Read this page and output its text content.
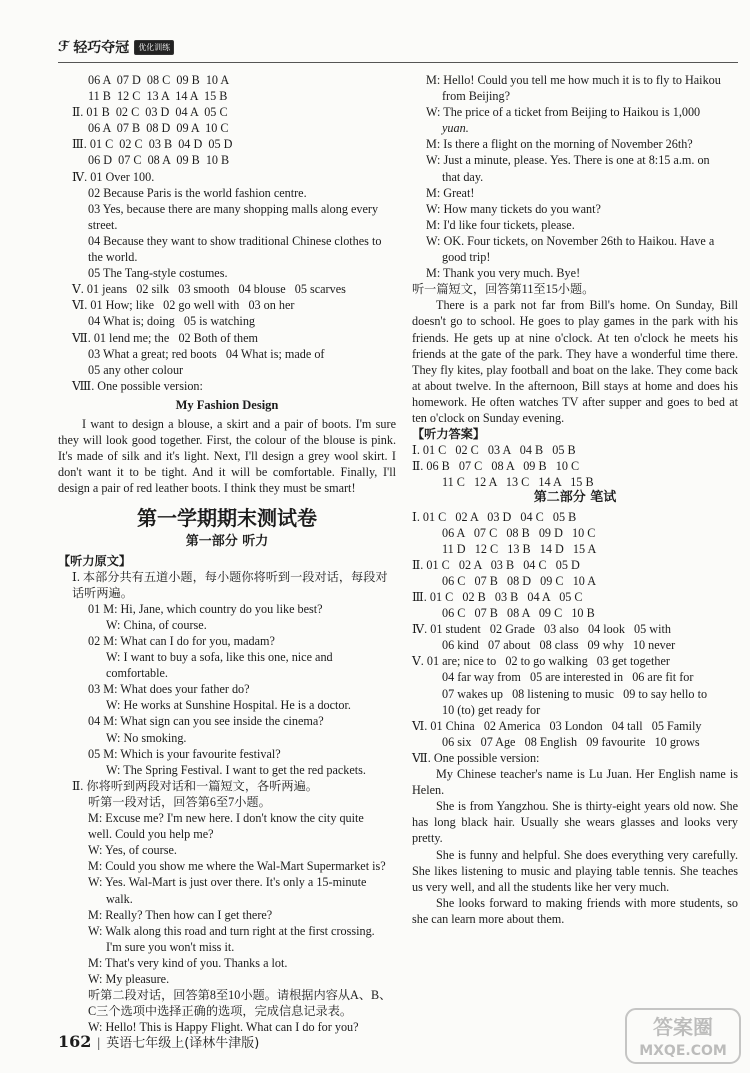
ℱ 轻巧夺冠	优化训练
06 A  07 D  08 C  09 B  10 A
11 B  12 C  13 A  14 A  15 B
Ⅱ. 01 B  02 C  03 D  04 A  05 C
06 A  07 B  08 D  09 A  10 C
Ⅲ. 01 C  02 C  03 B  04 D  05 D
06 D  07 C  08 A  09 B  10 B
Ⅳ. 01 Over 100.
02 Because Paris is the world fashion centre.
03 Yes, because there are many shopping malls along every
street.
04 Because they want to show traditional Chinese clothes to
the world.
05 The Tang-style costumes.
Ⅴ. 01 jeans   02 silk   03 smooth   04 blouse   05 scarves
Ⅵ. 01 How; like   02 go well with   03 on her
04 What is; doing   05 is watching
Ⅶ. 01 lend me; the   02 Both of them
03 What a great; red boots   04 What is; made of
05 any other colour
Ⅷ. One possible version:
My Fashion Design
I want to design a blouse, a skirt and a pair of boots. I'm sure they will look good together. First, the colour of the blouse is pink. It's made of silk and it's light. Next, I'll design a grey wool skirt. I don't want it to be tight. And it will be comfortable. Finally, I'll design a pair of red leather boots. I think they must be smart!
第一学期期末测试卷
第一部分 听力
【听力原文】
Ⅰ. 本部分共有五道小题，每小题你将听到一段对话，每段对话听两遍。
01 M: Hi, Jane, which country do you like best?
W: China, of course.
02 M: What can I do for you, madam?
W: I want to buy a sofa, like this one, nice and comfortable.
03 M: What does your father do?
W: He works at Sunshine Hospital. He is a doctor.
04 M: What sign can you see inside the cinema?
W: No smoking.
05 M: Which is your favourite festival?
W: The Spring Festival. I want to get the red packets.
Ⅱ. 你将听到两段对话和一篇短文，各听两遍。
听第一段对话，回答第6至7小题。
M: Excuse me? I'm new here. I don't know the city quite
well. Could you help me?
W: Yes, of course.
M: Could you show me where the Wal-Mart Supermarket is?
W: Yes. Wal-Mart is just over there. It's only a 15-minute
walk.
M: Really? Then how can I get there?
W: Walk along this road and turn right at the first crossing.
I'm sure you won't miss it.
M: That's very kind of you. Thanks a lot.
W: My pleasure.
听第二段对话，回答第8至10小题。请根据内容从A、B、C三个选项中选择正确的选项，完成信息记录表。
W: Hello! This is Happy Flight. What can I do for you?
M: Hello! Could you tell me how much it is to fly to Haikou
from Beijing?
W: The price of a ticket from Beijing to Haikou is 1,000
yuan.
M: Is there a flight on the morning of November 26th?
W: Just a minute, please. Yes. There is one at 8:15 a.m. on
that day.
M: Great!
W: How many tickets do you want?
M: I'd like four tickets, please.
W: OK. Four tickets, on November 26th to Haikou. Have a
good trip!
M: Thank you very much. Bye!
听一篇短文，回答第11至15小题。
There is a park not far from Bill's home. On Sunday, Bill doesn't go to school. He goes to play games in the park with his friends. He gets up at nine o'clock. At ten o'clock he meets his friends at the gate of the park. They have a wonderful time there. They fly kites, play football and boat on the lake. They come back at about twelve. In the afternoon, Bill stays at home and does his homework. He often watches TV after supper and goes to bed at ten o'clock on Sunday evening.
【听力答案】
Ⅰ. 01 C   02 C   03 A   04 B   05 B
Ⅱ. 06 B   07 C   08 A   09 B   10 C
11 C   12 A   13 C   14 A   15 B
第二部分 笔试
Ⅰ. 01 C   02 A   03 D   04 C   05 B
06 A   07 C   08 B   09 D   10 C
11 D   12 C   13 B   14 D   15 A
Ⅱ. 01 C   02 A   03 B   04 C   05 D
06 C   07 B   08 D   09 C   10 A
Ⅲ. 01 C   02 B   03 B   04 A   05 C
06 C   07 B   08 A   09 C   10 B
Ⅳ. 01 student   02 Grade   03 also   04 look   05 with
06 kind   07 about   08 class   09 why   10 never
Ⅴ. 01 are; nice to   02 to go walking   03 get together
04 far way from   05 are interested in   06 are fit for
07 wakes up   08 listening to music   09 to say hello to
10 (to) get ready for
Ⅵ. 01 China   02 America   03 London   04 tall   05 Family
06 six   07 Age   08 English   09 favourite   10 grows
Ⅶ. One possible version:
My Chinese teacher's name is Lu Juan. Her English name is Helen.
She is from Yangzhou. She is thirty-eight years old now. She has long black hair. Usually she wears glasses and looks very pretty.
She is funny and helpful. She does everything very carefully. She likes listening to music and playing table tennis. She teaches us very well, and all the students like her very much.
She looks forward to making friends with more students, so she can learn more about them.
162 | 英语七年级上(译林牛津版)
答案圈
MXQE.COM
